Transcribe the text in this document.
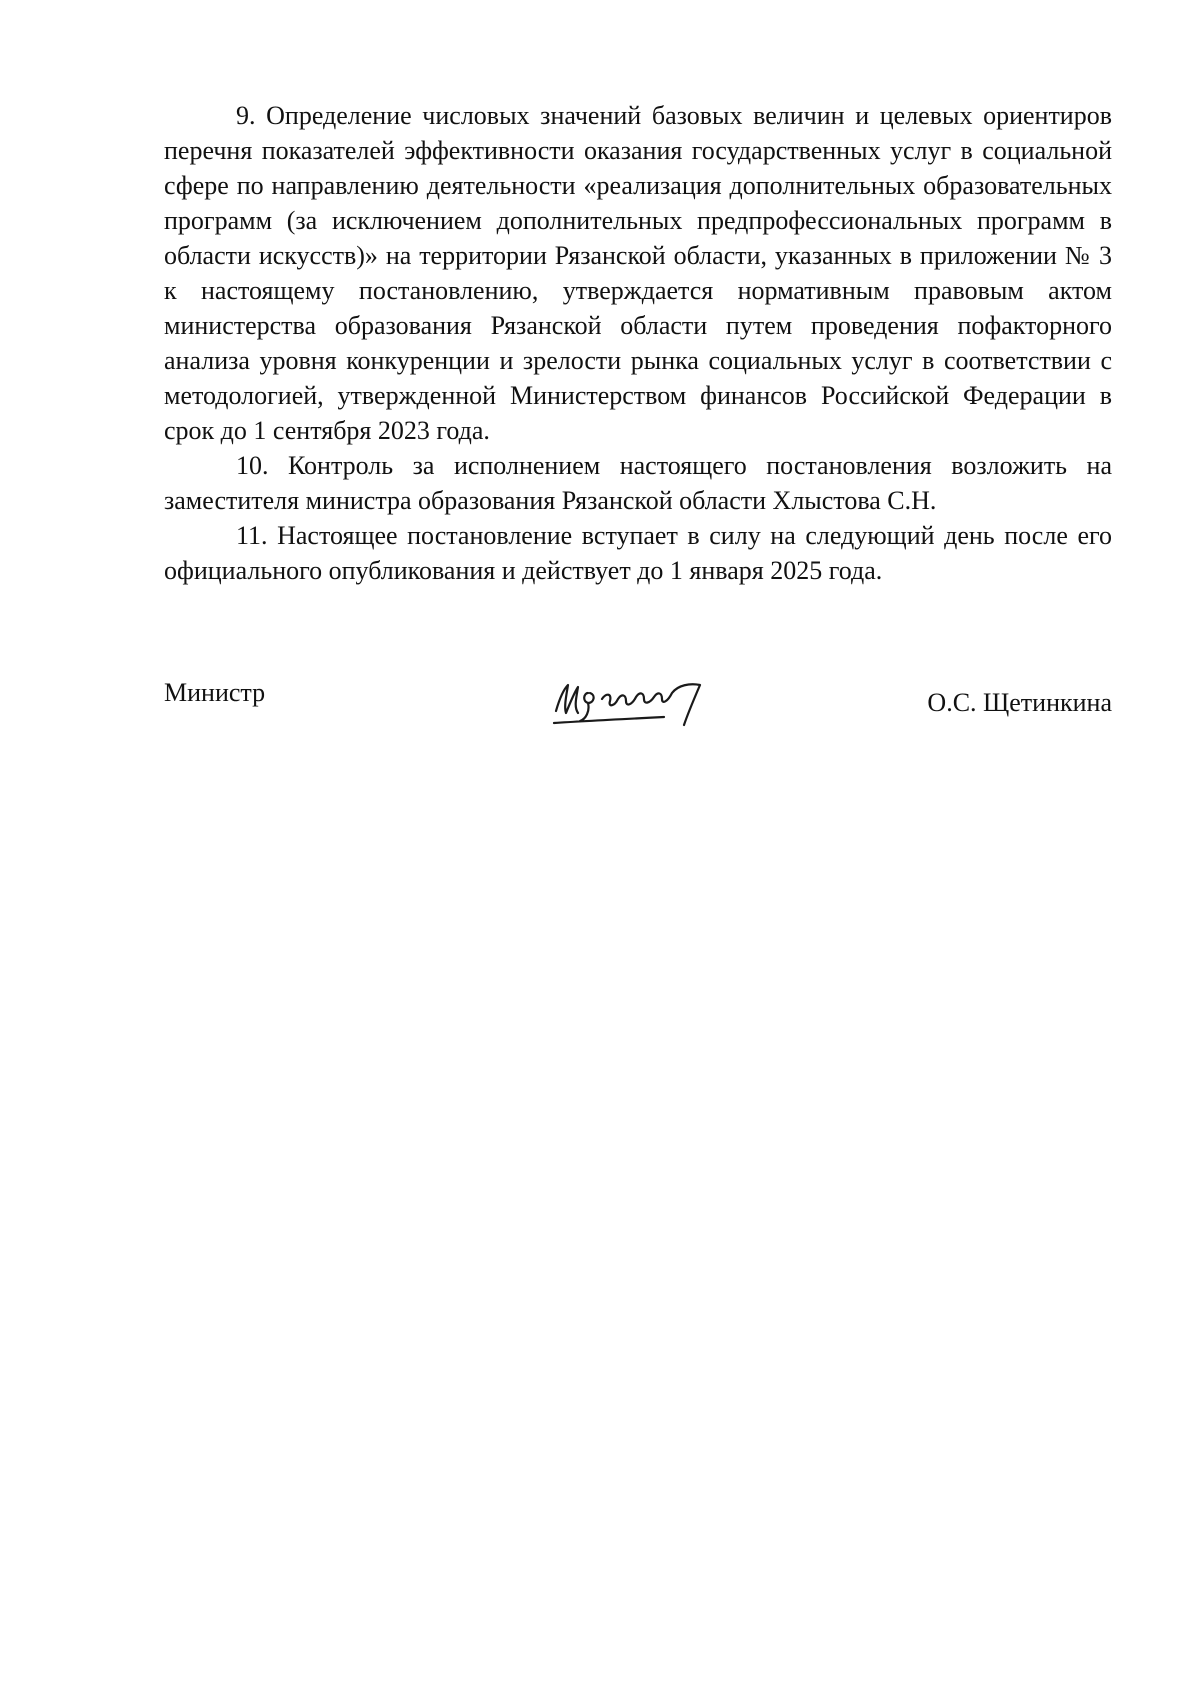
9. Определение числовых значений базовых величин и целевых ориентиров перечня показателей эффективности оказания государственных услуг в социальной сфере по направлению деятельности «реализация дополнительных образовательных программ (за исключением дополнительных предпрофессиональных программ в области искусств)» на территории Рязанской области, указанных в приложении № 3 к настоящему постановлению, утверждается нормативным правовым актом министерства образования Рязанской области путем проведения пофакторного анализа уровня конкуренции и зрелости рынка социальных услуг в соответствии с методологией, утвержденной Министерством финансов Российской Федерации в срок до 1 сентября 2023 года.

10. Контроль за исполнением настоящего постановления возложить на заместителя министра образования Рязанской области Хлыстова С.Н.

11. Настоящее постановление вступает в силу на следующий день после его официального опубликования и действует до 1 января 2025 года.

Министр	О.С. Щетинкина
